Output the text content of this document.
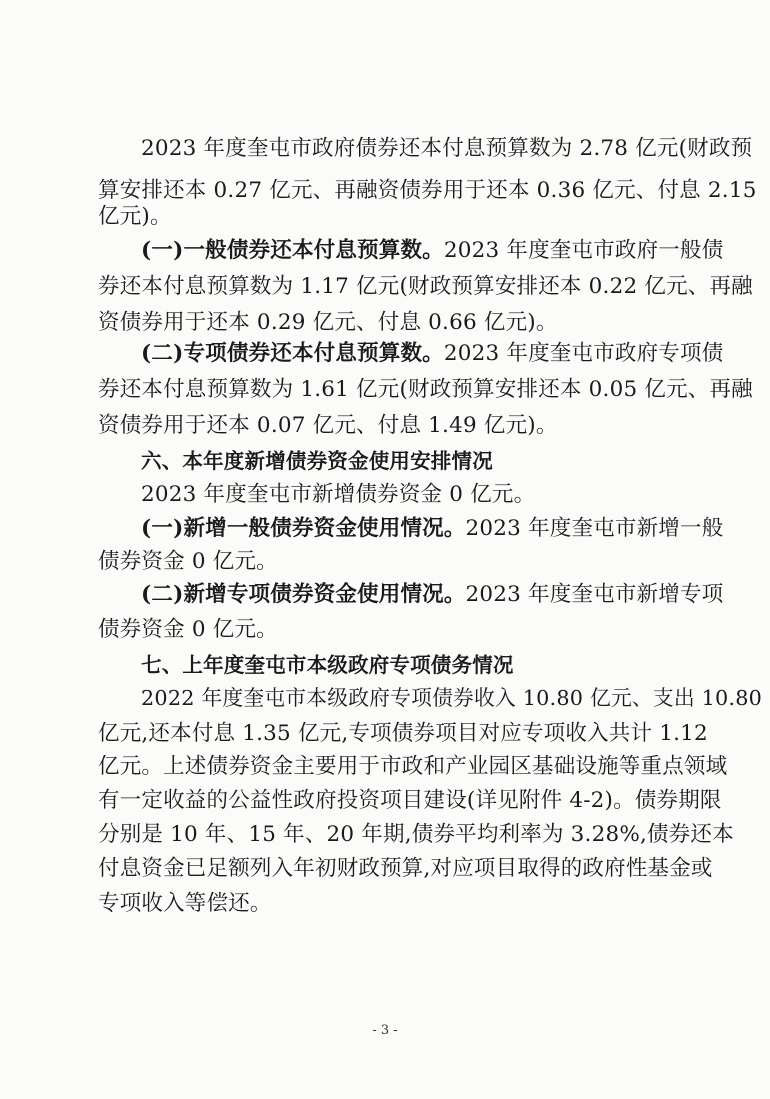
2023 年度奎屯市政府债券还本付息预算数为 2.78 亿元(财政预
算安排还本 0.27 亿元、再融资债券用于还本 0.36 亿元、付息 2.15
亿元)。
(一)一般债券还本付息预算数。2023 年度奎屯市政府一般债
券还本付息预算数为 1.17 亿元(财政预算安排还本 0.22 亿元、再融
资债券用于还本 0.29 亿元、付息 0.66 亿元)。
(二)专项债券还本付息预算数。2023 年度奎屯市政府专项债
券还本付息预算数为 1.61 亿元(财政预算安排还本 0.05 亿元、再融
资债券用于还本 0.07 亿元、付息 1.49 亿元)。
六、本年度新增债券资金使用安排情况
2023 年度奎屯市新增债券资金 0 亿元。
(一)新增一般债券资金使用情况。2023 年度奎屯市新增一般
债券资金 0 亿元。
(二)新增专项债券资金使用情况。2023 年度奎屯市新增专项
债券资金 0 亿元。
七、上年度奎屯市本级政府专项债务情况
2022 年度奎屯市本级政府专项债券收入 10.80 亿元、支出 10.80
亿元,还本付息 1.35 亿元,专项债券项目对应专项收入共计 1.12
亿元。上述债券资金主要用于市政和产业园区基础设施等重点领域
有一定收益的公益性政府投资项目建设(详见附件 4-2)。债券期限
分别是 10 年、15 年、20 年期,债券平均利率为 3.28%,债券还本
付息资金已足额列入年初财政预算,对应项目取得的政府性基金或
专项收入等偿还。
- 3 -
